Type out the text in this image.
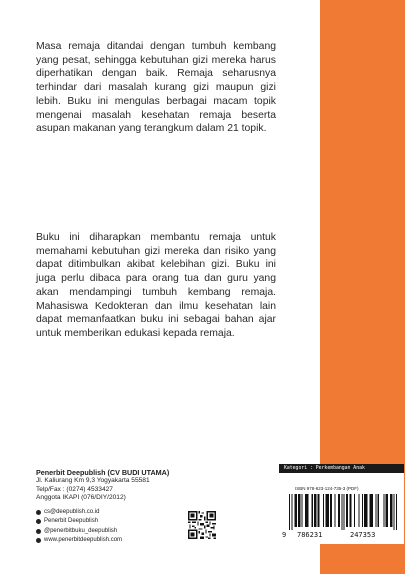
Masa remaja ditandai dengan tumbuh kembang yang pesat, sehingga kebutuhan gizi mereka harus diperhatikan dengan baik. Remaja seharusnya terhindar dari masalah kurang gizi maupun gizi lebih. Buku ini mengulas berbagai macam topik mengenai masalah kesehatan remaja beserta asupan makanan yang terangkum dalam 21 topik.

Buku ini diharapkan membantu remaja untuk memahami kebutuhan gizi mereka dan risiko yang dapat ditimbulkan akibat kelebihan gizi. Buku ini juga perlu dibaca para orang tua dan guru yang akan mendampingi tumbuh kembang remaja. Mahasiswa Kedokteran dan ilmu kesehatan lain dapat memanfaatkan buku ini sebagai bahan ajar untuk memberikan edukasi kepada remaja.

Penerbit Deepublish (CV BUDI UTAMA)
Jl. Kaliurang Km 9,3 Yogyakarta 55581
Telp/Fax : (0274) 4533427
Anggota IKAPI (076/DIY/2012)
cs@deepublish.co.id
Penerbit Deepublish
@penerbitbuku_deepublish
www.penerbitdeepublish.com
Kategori : Perkembangan Anak
ISBN 978-623-124-735-3 (PDF)
9 786231	247353
